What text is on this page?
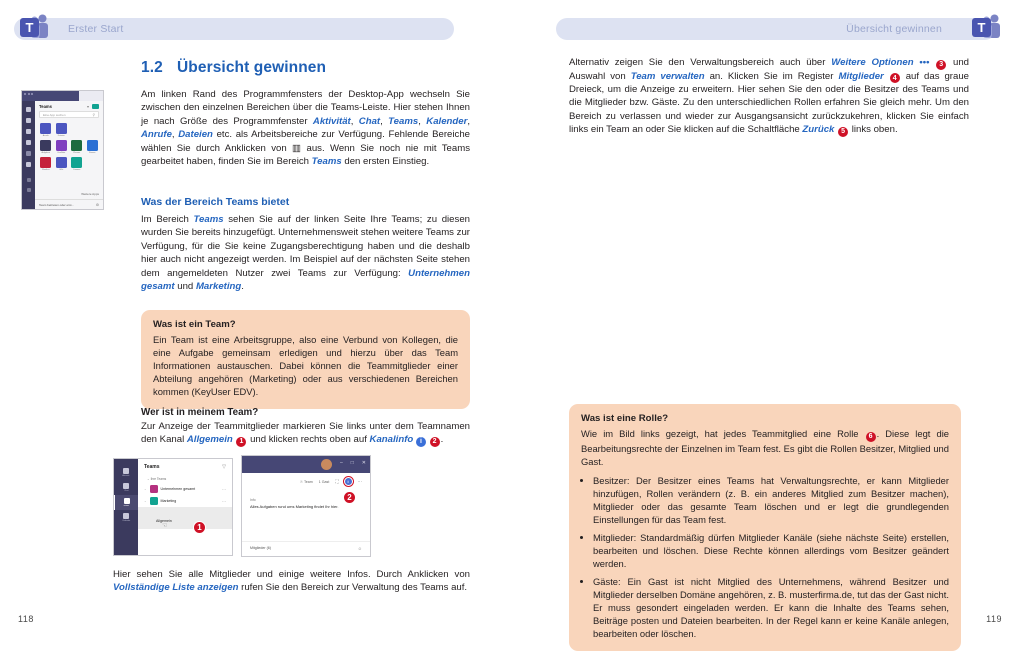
Erster Start
T
1.2 Übersicht gewinnen

Am linken Rand des Programmfensters der Desktop-App wechseln Sie zwischen den einzelnen Bereichen über die Teams-Leiste. Hier stehen Ihnen je nach Größe des Programmfenster Aktivität, Chat, Teams, Kalender, Anrufe, Dateien etc. als Arbeitsbereiche zur Verfügung. Fehlende Bereiche wählen Sie durch Anklicken von ▥ aus. Wenn Sie noch nie mit Teams gearbeitet haben, finden Sie im Bereich Teams den ersten Einstieg.

Teams	▾
Eine App suchen	⚲
Anrufe	Dateien
Aufgaben	OneNote	Planner	Stream
Weather	Wiki	Yammer
Weitere Apps
Team beitreten oder erst...	⚙	Was der Bereich Teams bietet

Im Bereich Teams sehen Sie auf der linken Seite Ihre Teams; zu diesen wurden Sie bereits hinzugefügt. Unternehmensweit stehen weitere Teams zur Verfügung, für die Sie keine Zugangsberechtigung haben und die deshalb hier auch nicht angezeigt werden. Im Beispiel auf der nächsten Seite stehen dem angemeldeten Nutzer zwei Teams zur Verfügung: Unternehmen gesamt und Marketing.

Was ist ein Team?

Ein Team ist eine Arbeitsgruppe, also eine Verbund von Kollegen, die eine Aufgabe gemeinsam erledigen und hierzu über das Team Informationen austauschen. Dabei können die Teammitglieder einer Abteilung angehören (Marketing) oder aus verschiedenen Bereichen kommen (KeyUser EDV).

Wer ist in meinem Team?

Zur Anzeige der Teammitglieder markieren Sie links unter dem Teamnamen den Kanal Allgemein 1 und klicken rechts oben auf Kanalinfo i 2 .

Aktivität
Chat
Teams
Kalender
Teams	▽
⌄ Ihre Teams
⌄	Unternehmen gesamt	⋯
⌄	Marketing	⋯
Allgemein
☜	1
– □ ✕
☉ Team 1 Gast ⛶	i	⋯
Info
Alles Aufgaben rund ums Marketing findet Ihr hier.
Mitglieder (6)	☺
2

Hier sehen Sie alle Mitglieder und einige weitere Infos. Durch Anklicken von Vollständige Liste anzeigen rufen Sie den Bereich zur Verwaltung des Teams auf.

118
Übersicht gewinnen	T

Alternativ zeigen Sie den Verwaltungsbereich auch über Weitere Optionen ••• 3 und Auswahl von Team verwalten an. Klicken Sie im Register Mitglieder 4 auf das graue Dreieck, um die Anzeige zu erweitern. Hier sehen Sie den oder die Besitzer des Teams und die Mitglieder bzw. Gäste. Zu den unterschiedlichen Rollen erfahren Sie gleich mehr. Um den Bereich zu verlassen und wieder zur Ausgangsansicht zurückzukehren, klicken Sie einfach links ein Team an oder Sie klicken auf die Schaltfläche Zurück 5 links oben.

Was ist eine Rolle?

Wie im Bild links gezeigt, hat jedes Teammitglied eine Rolle 6 . Diese legt die Bearbeitungsrechte der Einzelnen im Team fest. Es gibt die Rollen Besitzer, Mitglied und Gast.

• Besitzer: Der Besitzer eines Teams hat Verwaltungsrechte, er kann Mitglieder hinzufügen, Rollen verändern (z. B. ein anderes Mitglied zum Besitzer machen), Mitglieder oder das gesamte Team löschen und er legt die grundlegenden Einstellungen für das Team fest.
• Mitglieder: Standardmäßig dürfen Mitglieder Kanäle (siehe nächste Seite) erstellen, bearbeiten und löschen. Diese Rechte können allerdings vom Besitzer geändert werden.
• Gäste: Ein Gast ist nicht Mitglied des Unternehmens, während Besitzer und Mitglieder derselben Domäne angehören, z. B. musterfirma.de, tut das der Gast nicht. Er muss gesondert eingeladen werden. Er kann die Inhalte des Teams sehen, Beiträge posten und Dateien bearbeiten. In der Regel kann er keine Kanäle anlegen, bearbeiten oder löschen.
119
